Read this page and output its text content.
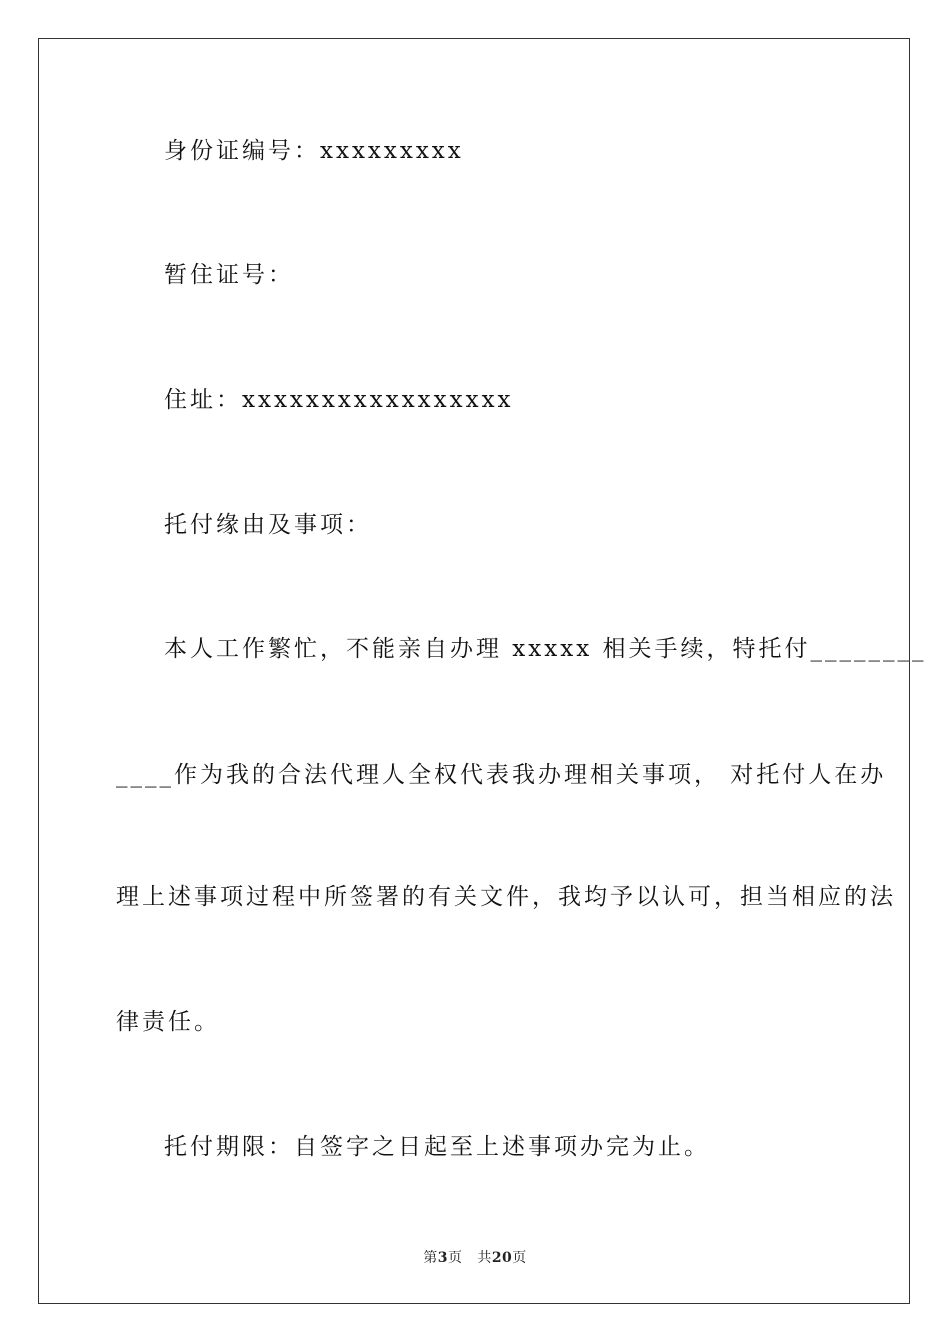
身份证编号：xxxxxxxxx
暂住证号：
住址：xxxxxxxxxxxxxxxxx
托付缘由及事项：
本人工作繁忙，不能亲自办理 xxxxx 相关手续，特托付________
____作为我的合法代理人全权代表我办理相关事项， 对托付人在办
理上述事项过程中所签署的有关文件，我均予以认可，担当相应的法
律责任。
托付期限：自签字之日起至上述事项办完为止。
第3页 共20页
